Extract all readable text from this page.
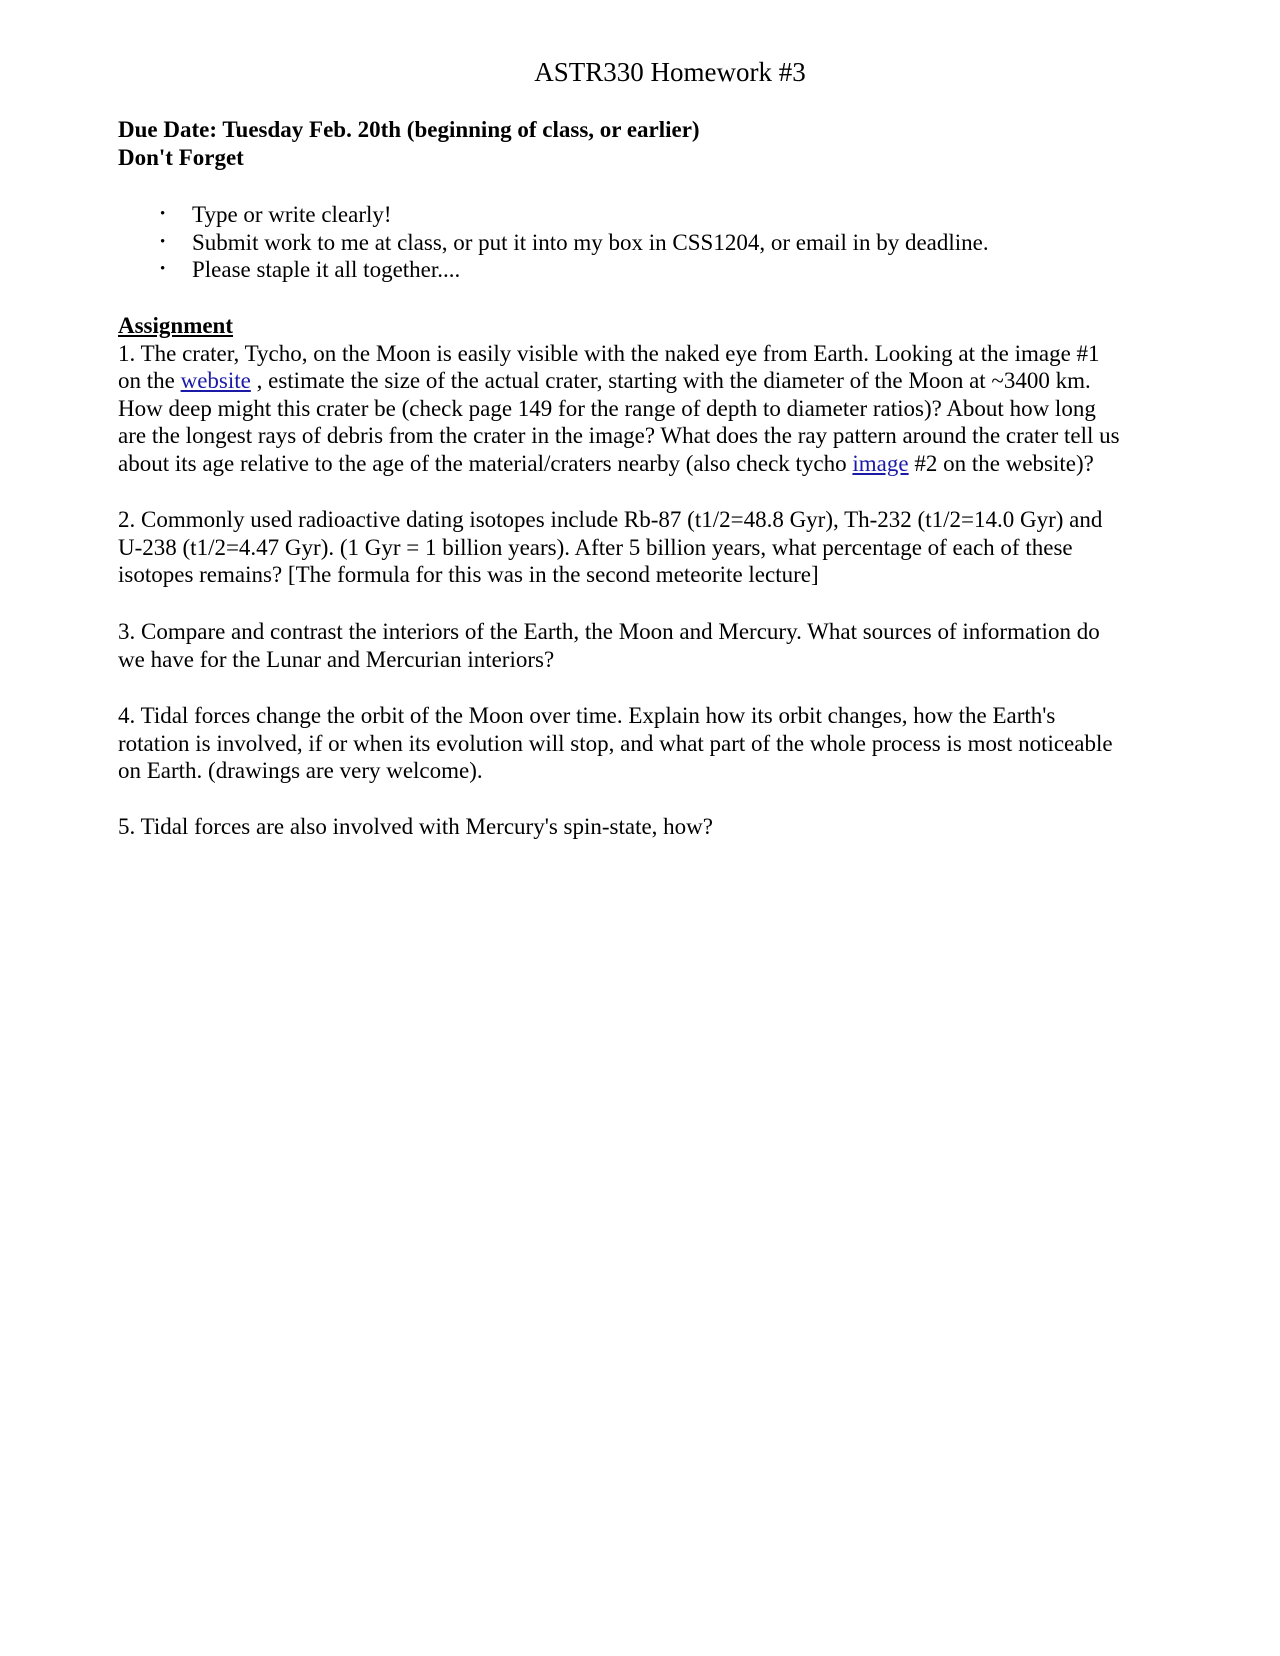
ASTR330 Homework #3
Due Date: Tuesday Feb. 20th (beginning of class, or earlier)
Don't Forget
• Type or write clearly!
• Submit work to me at class, or put it into my box in CSS1204, or email in by deadline.
• Please staple it all together....
Assignment
1. The crater, Tycho, on the Moon is easily visible with the naked eye from Earth. Looking at the image #1
on the website , estimate the size of the actual crater, starting with the diameter of the Moon at ~3400 km.
How deep might this crater be (check page 149 for the range of depth to diameter ratios)? About how long
are the longest rays of debris from the crater in the image? What does the ray pattern around the crater tell us
about its age relative to the age of the material/craters nearby (also check tycho image #2 on the website)?
2. Commonly used radioactive dating isotopes include Rb-87 (t1/2=48.8 Gyr), Th-232 (t1/2=14.0 Gyr) and
U-238 (t1/2=4.47 Gyr). (1 Gyr = 1 billion years). After 5 billion years, what percentage of each of these
isotopes remains? [The formula for this was in the second meteorite lecture]
3. Compare and contrast the interiors of the Earth, the Moon and Mercury. What sources of information do
we have for the Lunar and Mercurian interiors?
4. Tidal forces change the orbit of the Moon over time. Explain how its orbit changes, how the Earth's
rotation is involved, if or when its evolution will stop, and what part of the whole process is most noticeable
on Earth. (drawings are very welcome).
5. Tidal forces are also involved with Mercury's spin-state, how?
